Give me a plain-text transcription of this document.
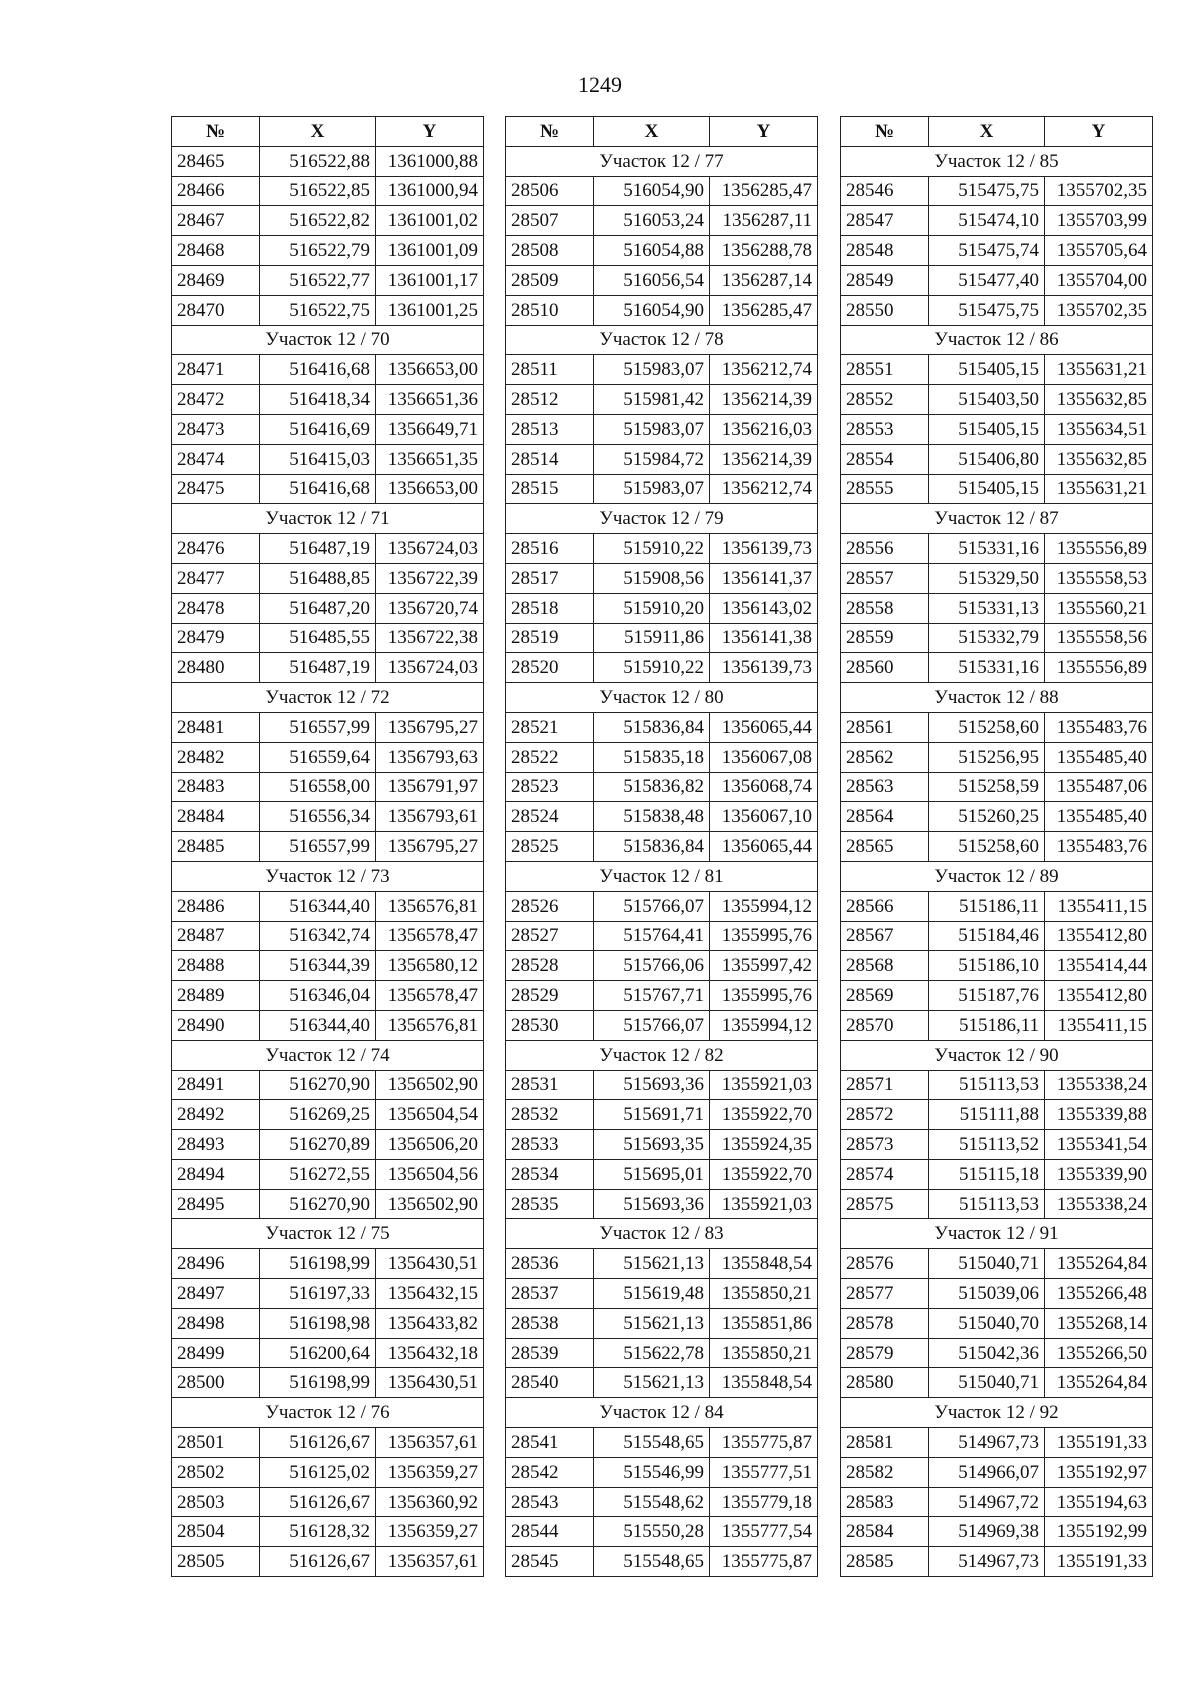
1249
№	X	Y
28465	516522,88	1361000,88
28466	516522,85	1361000,94
28467	516522,82	1361001,02
28468	516522,79	1361001,09
28469	516522,77	1361001,17
28470	516522,75	1361001,25
Участок 12 / 70		
28471	516416,68	1356653,00
28472	516418,34	1356651,36
28473	516416,69	1356649,71
28474	516415,03	1356651,35
28475	516416,68	1356653,00
Участок 12 / 71		
28476	516487,19	1356724,03
28477	516488,85	1356722,39
28478	516487,20	1356720,74
28479	516485,55	1356722,38
28480	516487,19	1356724,03
Участок 12 / 72		
28481	516557,99	1356795,27
28482	516559,64	1356793,63
28483	516558,00	1356791,97
28484	516556,34	1356793,61
28485	516557,99	1356795,27
Участок 12 / 73		
28486	516344,40	1356576,81
28487	516342,74	1356578,47
28488	516344,39	1356580,12
28489	516346,04	1356578,47
28490	516344,40	1356576,81
Участок 12 / 74		
28491	516270,90	1356502,90
28492	516269,25	1356504,54
28493	516270,89	1356506,20
28494	516272,55	1356504,56
28495	516270,90	1356502,90
Участок 12 / 75		
28496	516198,99	1356430,51
28497	516197,33	1356432,15
28498	516198,98	1356433,82
28499	516200,64	1356432,18
28500	516198,99	1356430,51
Участок 12 / 76		
28501	516126,67	1356357,61
28502	516125,02	1356359,27
28503	516126,67	1356360,92
28504	516128,32	1356359,27
28505	516126,67	1356357,61
№	X	Y
Участок 12 / 77		
28506	516054,90	1356285,47
28507	516053,24	1356287,11
28508	516054,88	1356288,78
28509	516056,54	1356287,14
28510	516054,90	1356285,47
Участок 12 / 78		
28511	515983,07	1356212,74
28512	515981,42	1356214,39
28513	515983,07	1356216,03
28514	515984,72	1356214,39
28515	515983,07	1356212,74
Участок 12 / 79		
28516	515910,22	1356139,73
28517	515908,56	1356141,37
28518	515910,20	1356143,02
28519	515911,86	1356141,38
28520	515910,22	1356139,73
Участок 12 / 80		
28521	515836,84	1356065,44
28522	515835,18	1356067,08
28523	515836,82	1356068,74
28524	515838,48	1356067,10
28525	515836,84	1356065,44
Участок 12 / 81		
28526	515766,07	1355994,12
28527	515764,41	1355995,76
28528	515766,06	1355997,42
28529	515767,71	1355995,76
28530	515766,07	1355994,12
Участок 12 / 82		
28531	515693,36	1355921,03
28532	515691,71	1355922,70
28533	515693,35	1355924,35
28534	515695,01	1355922,70
28535	515693,36	1355921,03
Участок 12 / 83		
28536	515621,13	1355848,54
28537	515619,48	1355850,21
28538	515621,13	1355851,86
28539	515622,78	1355850,21
28540	515621,13	1355848,54
Участок 12 / 84		
28541	515548,65	1355775,87
28542	515546,99	1355777,51
28543	515548,62	1355779,18
28544	515550,28	1355777,54
28545	515548,65	1355775,87
№	X	Y
Участок 12 / 85		
28546	515475,75	1355702,35
28547	515474,10	1355703,99
28548	515475,74	1355705,64
28549	515477,40	1355704,00
28550	515475,75	1355702,35
Участок 12 / 86		
28551	515405,15	1355631,21
28552	515403,50	1355632,85
28553	515405,15	1355634,51
28554	515406,80	1355632,85
28555	515405,15	1355631,21
Участок 12 / 87		
28556	515331,16	1355556,89
28557	515329,50	1355558,53
28558	515331,13	1355560,21
28559	515332,79	1355558,56
28560	515331,16	1355556,89
Участок 12 / 88		
28561	515258,60	1355483,76
28562	515256,95	1355485,40
28563	515258,59	1355487,06
28564	515260,25	1355485,40
28565	515258,60	1355483,76
Участок 12 / 89		
28566	515186,11	1355411,15
28567	515184,46	1355412,80
28568	515186,10	1355414,44
28569	515187,76	1355412,80
28570	515186,11	1355411,15
Участок 12 / 90		
28571	515113,53	1355338,24
28572	515111,88	1355339,88
28573	515113,52	1355341,54
28574	515115,18	1355339,90
28575	515113,53	1355338,24
Участок 12 / 91		
28576	515040,71	1355264,84
28577	515039,06	1355266,48
28578	515040,70	1355268,14
28579	515042,36	1355266,50
28580	515040,71	1355264,84
Участок 12 / 92		
28581	514967,73	1355191,33
28582	514966,07	1355192,97
28583	514967,72	1355194,63
28584	514969,38	1355192,99
28585	514967,73	1355191,33
